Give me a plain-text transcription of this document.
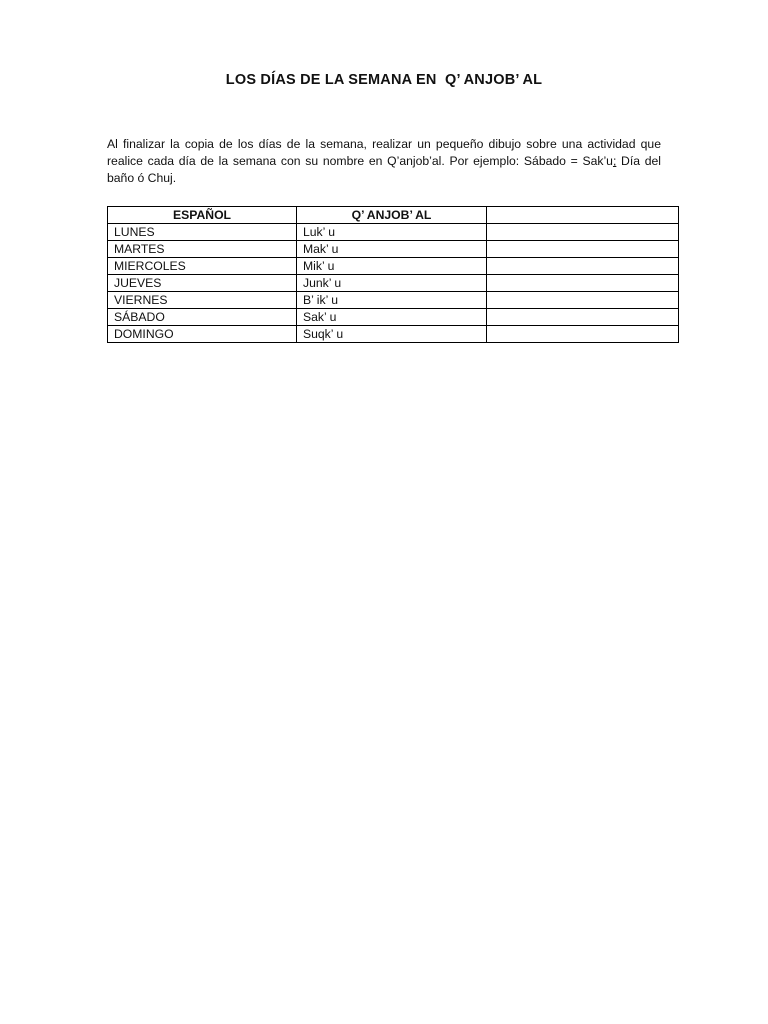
LOS DÍAS DE LA SEMANA EN  Q’ ANJOB’ AL

Al finalizar la copia de los días de la semana, realizar un pequeño dibujo sobre una actividad que realice cada día de la semana con su nombre en Q’anjob’al. Por ejemplo: Sábado = Sak’u; Día del baño ó Chuj.

ESPAÑOL	Q’ ANJOB’ AL	
LUNES	Luk’ u	
MARTES	Mak’ u	
MIERCOLES	Mik’ u	
JUEVES	Junk’ u	
VIERNES	B’ ik’ u	
SÁBADO	Sak’ u	
DOMINGO	Suqk’ u	
